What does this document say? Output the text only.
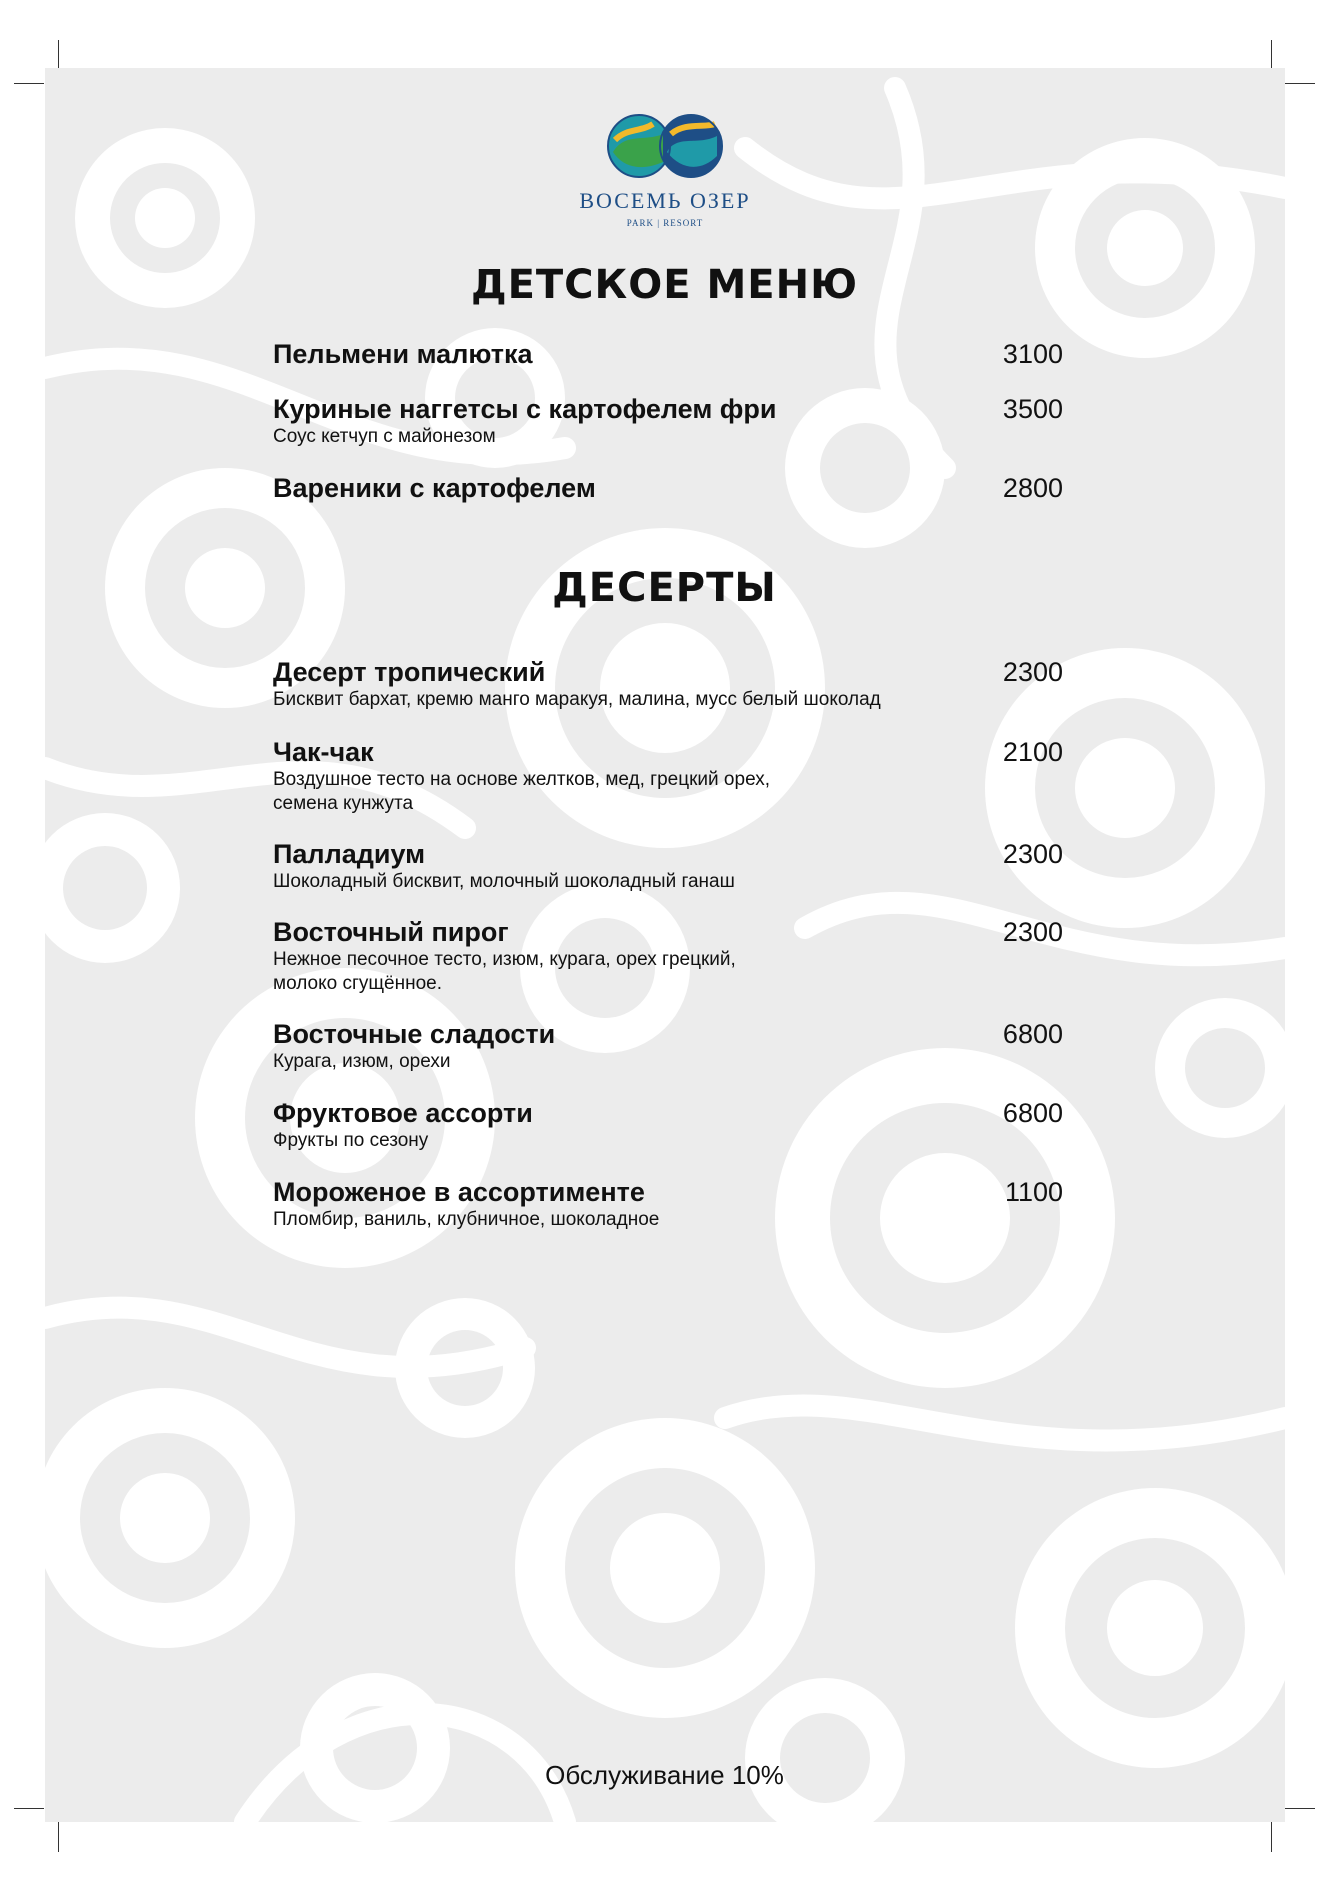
ВОСЕМЬ ОЗЕР
PARK | RESORT
ДЕТСКОЕ МЕНЮ
Пельмени малютка	3100
Куриные наггетсы с картофелем фри
Соус кетчуп с майонезом
3500
Вареники с картофелем	2800
ДЕСЕРТЫ
Десерт тропический
Бисквит бархат, кремю манго маракуя, малина, мусс белый шоколад
2300
Чак-чак
Воздушное тесто на основе желтков, мед, грецкий орех,
семена кунжута
2100
Палладиум
Шоколадный бисквит, молочный шоколадный ганаш
2300
Восточный пирог
Нежное песочное тесто, изюм, курага, орех грецкий,
молоко сгущённое.
2300
Восточные сладости
Курага, изюм, орехи
6800
Фруктовое ассорти
Фрукты по сезону
6800
Мороженое в ассортименте
Пломбир, ваниль, клубничное, шоколадное
1100
Обслуживание 10%
